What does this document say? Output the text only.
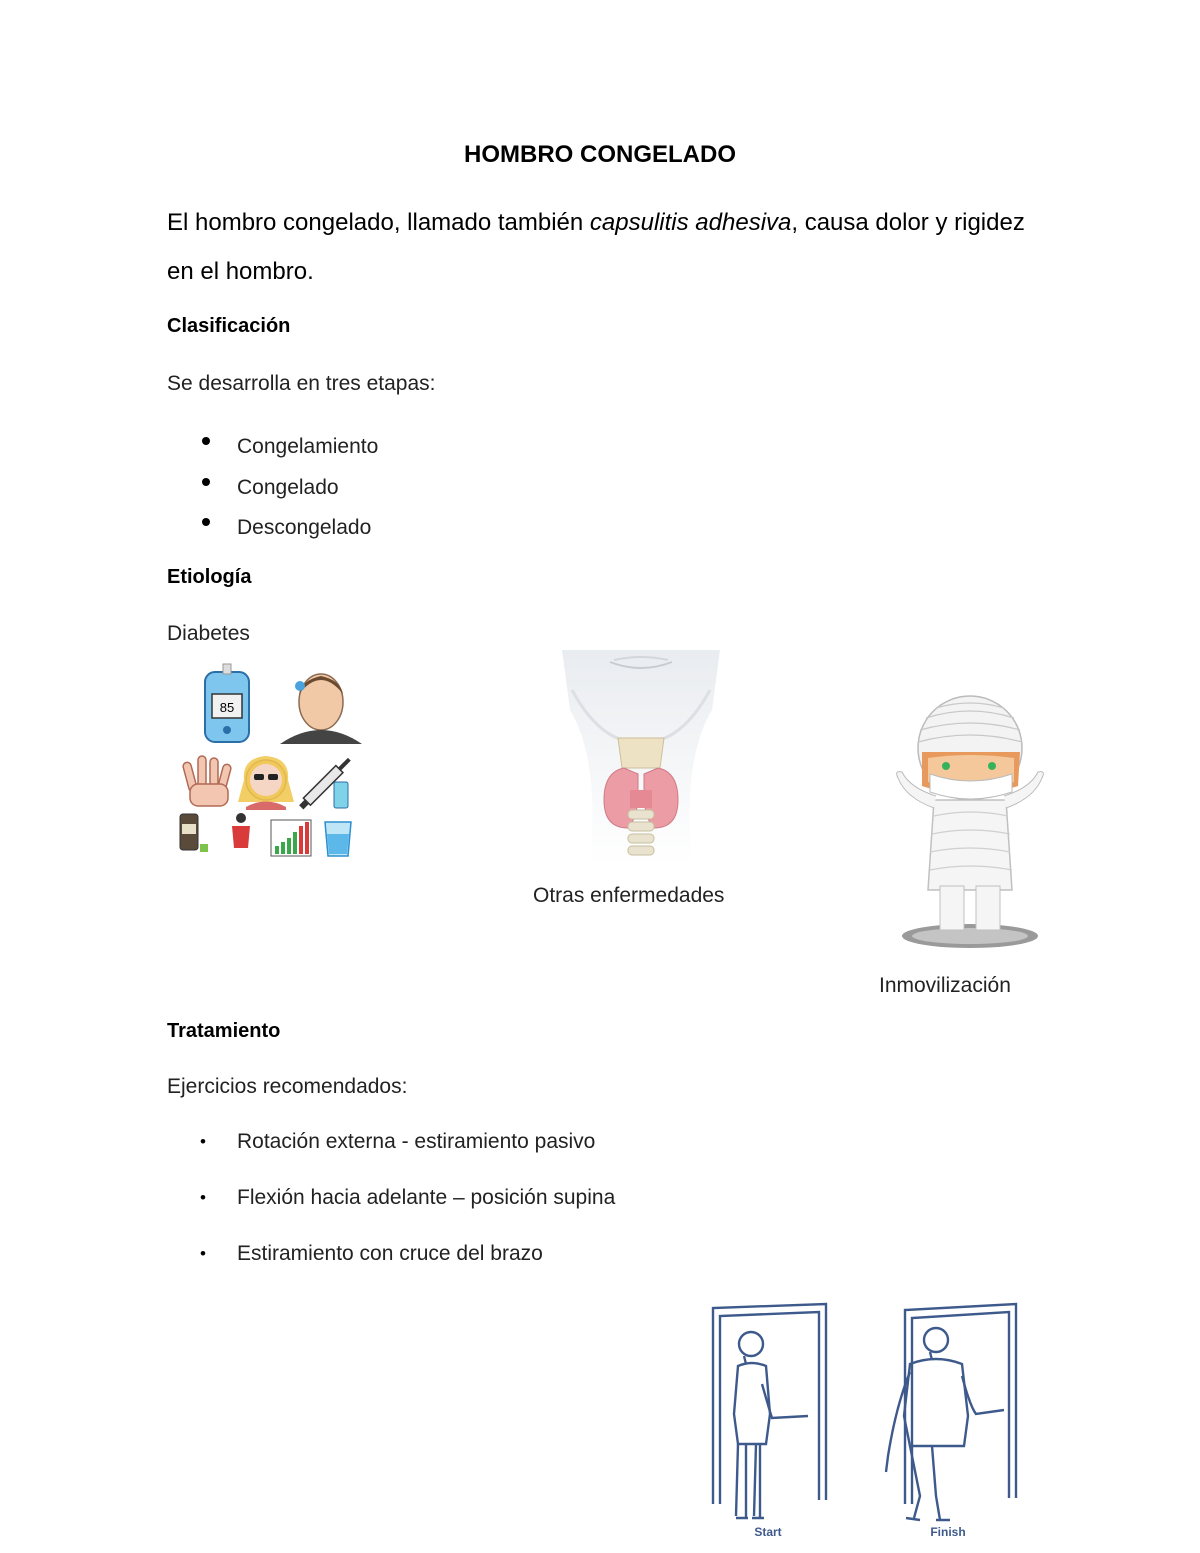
HOMBRO CONGELADO
El hombro congelado, llamado también capsulitis adhesiva, causa dolor y rigidez en el hombro.
Clasificación
Se desarrolla en tres etapas:
Congelamiento
Congelado
Descongelado
Etiología
Diabetes
85
Otras enfermedades
Inmovilización
Tratamiento
Ejercicios recomendados:
• Rotación externa - estiramiento pasivo
• Flexión hacia adelante – posición supina
• Estiramiento con cruce del brazo
Start	Finish
